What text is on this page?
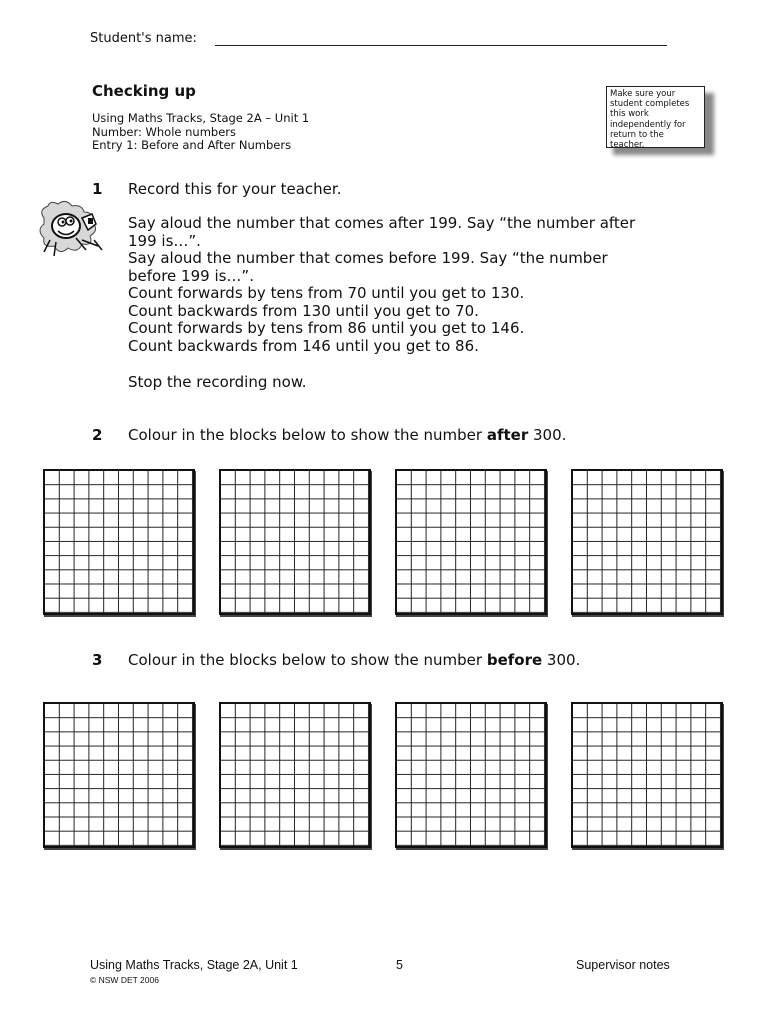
Student's name:
Checking up
Using Maths Tracks, Stage 2A – Unit 1
Number: Whole numbers
Entry 1: Before and After Numbers
Make sure your student completes this work independently for return to the teacher.
1 Record this for your teacher.
Say aloud the number that comes after 199. Say “the number after
199 is…”.
Say aloud the number that comes before 199. Say “the number
before 199 is…”.
Count forwards by tens from 70 until you get to 130.
Count backwards from 130 until you get to 70.
Count forwards by tens from 86 until you get to 146.
Count backwards from 146 until you get to 86.
Stop the recording now.
2 Colour in the blocks below to show the number after 300.
3 Colour in the blocks below to show the number before 300.
Using Maths Tracks, Stage 2A, Unit 1	5	Supervisor notes
© NSW DET 2006
